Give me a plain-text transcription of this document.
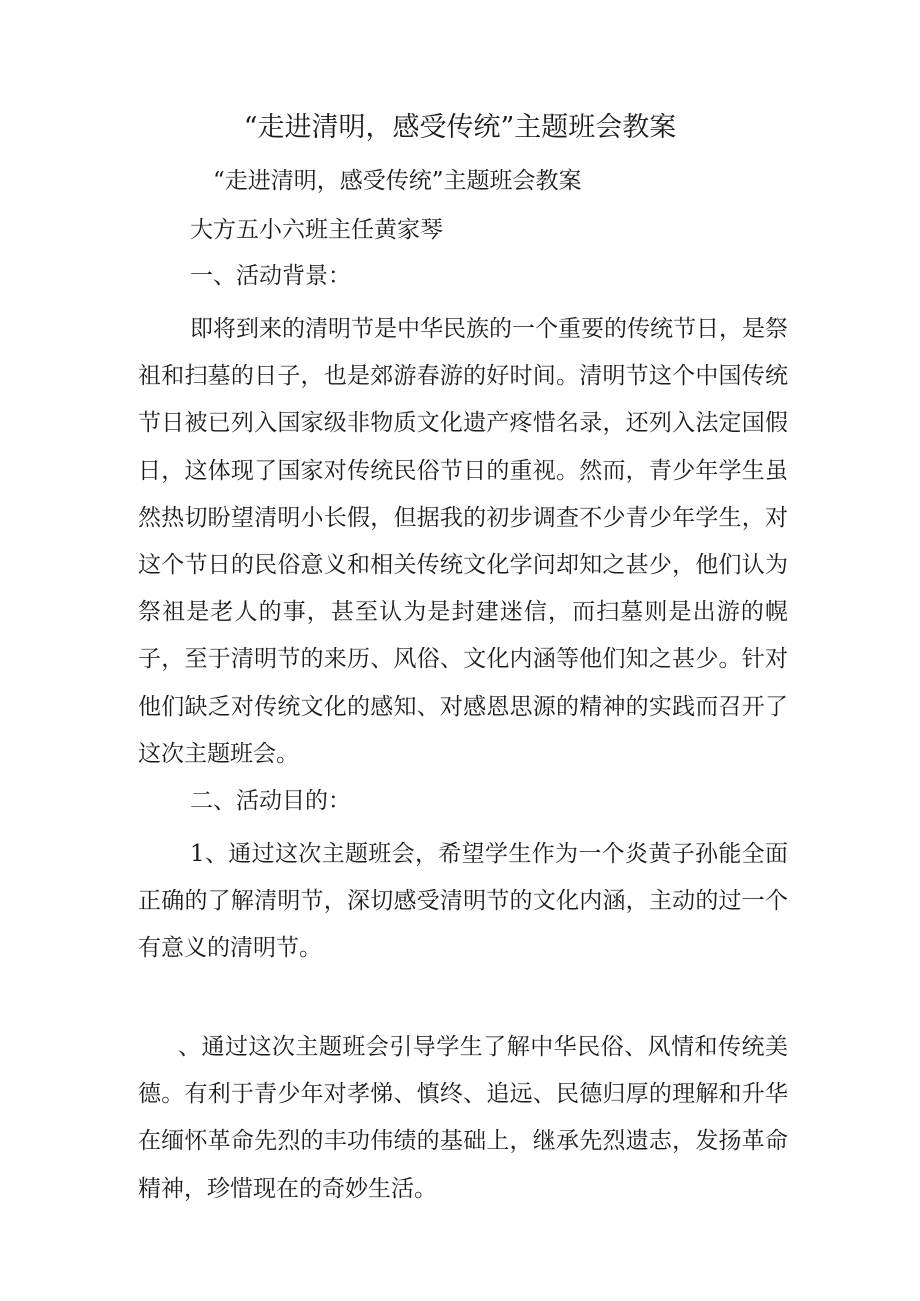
“走进清明，感受传统”主题班会教案

“走进清明，感受传统”主题班会教案

大方五小六班主任黄家琴

一、活动背景：

即将到来的清明节是中华民族的一个重要的传统节日，是祭祖和扫墓的日子，也是郊游春游的好时间。清明节这个中国传统节日被已列入国家级非物质文化遗产疼惜名录，还列入法定国假日，这体现了国家对传统民俗节日的重视。然而，青少年学生虽然热切盼望清明小长假，但据我的初步调查不少青少年学生，对这个节日的民俗意义和相关传统文化学问却知之甚少，他们认为祭祖是老人的事，甚至认为是封建迷信，而扫墓则是出游的幌子，至于清明节的来历、风俗、文化内涵等他们知之甚少。针对他们缺乏对传统文化的感知、对感恩思源的精神的实践而召开了这次主题班会。

二、活动目的：

1、通过这次主题班会，希望学生作为一个炎黄子孙能全面正确的了解清明节，深切感受清明节的文化内涵，主动的过一个有意义的清明节。

、通过这次主题班会引导学生了解中华民俗、风情和传统美德。有利于青少年对孝悌、慎终、追远、民德归厚的理解和升华在缅怀革命先烈的丰功伟绩的基础上，继承先烈遗志，发扬革命精神，珍惜现在的奇妙生活。
